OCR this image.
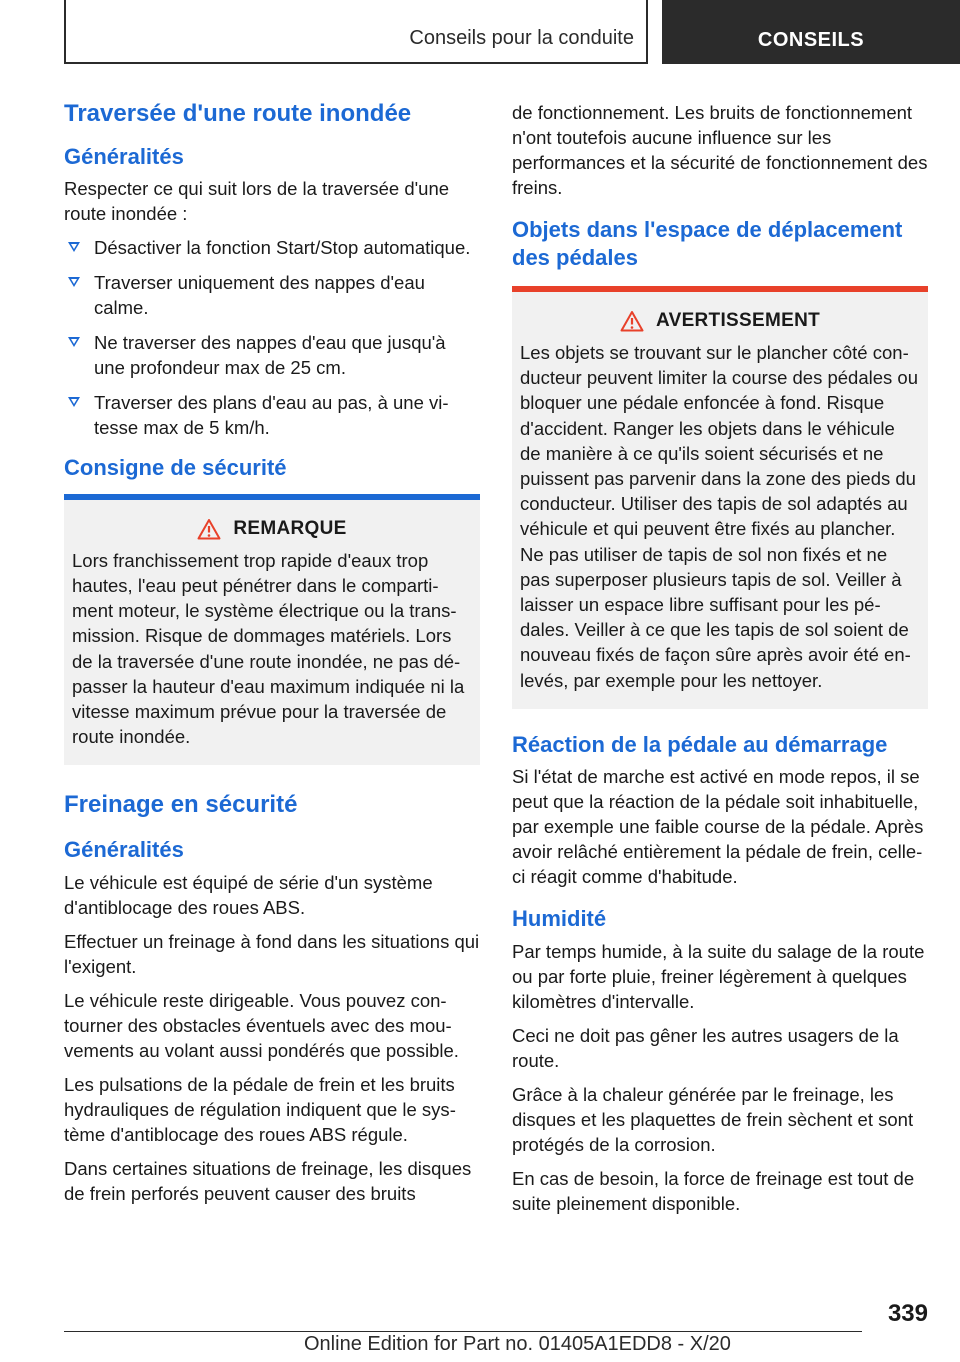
Conseils pour la conduite	CONSEILS
Traversée d'une route inondée
Généralités

Respecter ce qui suit lors de la traversée d'une route inondée :

Désactiver la fonction Start/Stop automatique.
Traverser uniquement des nappes d'eau calme.
Ne traverser des nappes d'eau que jusqu'à une profondeur max de 25 cm.
Traverser des plans d'eau au pas, à une vitesse max de 5 km/h.
Consigne de sécurité
REMARQUE

Lors franchissement trop rapide d'eaux trop hautes, l'eau peut pénétrer dans le compartiment moteur, le système électrique ou la transmission. Risque de dommages matériels. Lors de la traversée d'une route inondée, ne pas dépasser la hauteur d'eau maximum indiquée ni la vitesse maximum prévue pour la traversée de route inondée.

Freinage en sécurité
Généralités

Le véhicule est équipé de série d'un système d'antiblocage des roues ABS.

Effectuer un freinage à fond dans les situations qui l'exigent.

Le véhicule reste dirigeable. Vous pouvez contourner des obstacles éventuels avec des mouvements au volant aussi pondérés que possible.

Les pulsations de la pédale de frein et les bruits hydrauliques de régulation indiquent que le système d'antiblocage des roues ABS régule.

Dans certaines situations de freinage, les disques de frein perforés peuvent causer des bruits

de fonctionnement. Les bruits de fonctionnement n'ont toutefois aucune influence sur les performances et la sécurité de fonctionnement des freins.

Objets dans l'espace de déplacement des pédales
AVERTISSEMENT

Les objets se trouvant sur le plancher côté conducteur peuvent limiter la course des pédales ou bloquer une pédale enfoncée à fond. Risque d'accident. Ranger les objets dans le véhicule de manière à ce qu'ils soient sécurisés et ne puissent pas parvenir dans la zone des pieds du conducteur. Utiliser des tapis de sol adaptés au véhicule et qui peuvent être fixés au plancher. Ne pas utiliser de tapis de sol non fixés et ne pas superposer plusieurs tapis de sol. Veiller à laisser un espace libre suffisant pour les pédales. Veiller à ce que les tapis de sol soient de nouveau fixés de façon sûre après avoir été enlevés, par exemple pour les nettoyer.

Réaction de la pédale au démarrage

Si l'état de marche est activé en mode repos, il se peut que la réaction de la pédale soit inhabituelle, par exemple une faible course de la pédale. Après avoir relâché entièrement la pédale de frein, celle-ci réagit comme d'habitude.

Humidité

Par temps humide, à la suite du salage de la route ou par forte pluie, freiner légèrement à quelques kilomètres d'intervalle.

Ceci ne doit pas gêner les autres usagers de la route.

Grâce à la chaleur générée par le freinage, les disques et les plaquettes de frein sèchent et sont protégés de la corrosion.

En cas de besoin, la force de freinage est tout de suite pleinement disponible.

339
Online Edition for Part no. 01405A1EDD8 - X/20
